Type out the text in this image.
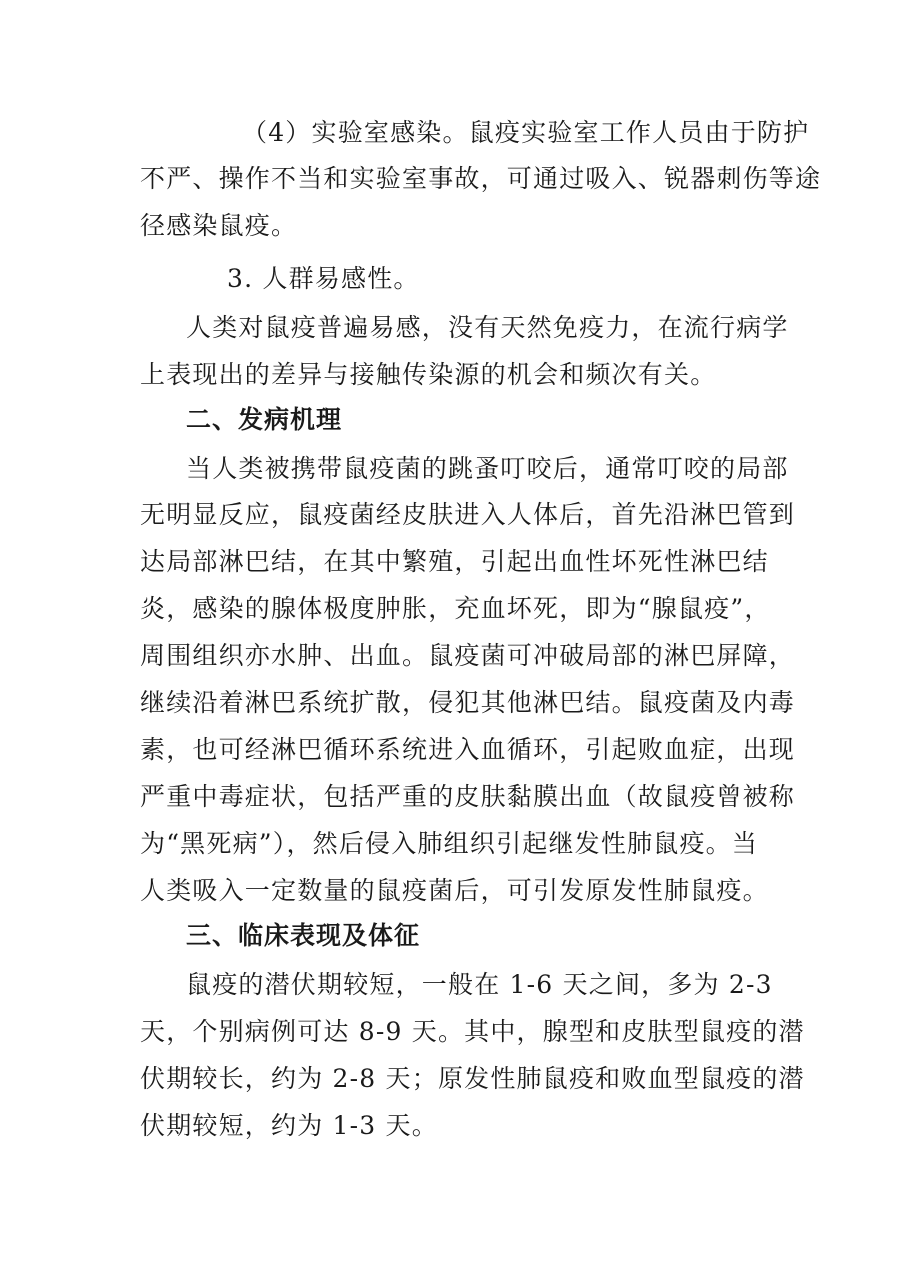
（4）实验室感染。鼠疫实验室工作人员由于防护
不严、操作不当和实验室事故，可通过吸入、锐器刺伤等途
径感染鼠疫。
3. 人群易感性。
人类对鼠疫普遍易感，没有天然免疫力，在流行病学
上表现出的差异与接触传染源的机会和频次有关。
二、发病机理
当人类被携带鼠疫菌的跳蚤叮咬后，通常叮咬的局部
无明显反应，鼠疫菌经皮肤进入人体后，首先沿淋巴管到
达局部淋巴结，在其中繁殖，引起出血性坏死性淋巴结
炎，感染的腺体极度肿胀，充血坏死，即为“腺鼠疫”，
周围组织亦水肿、出血。鼠疫菌可冲破局部的淋巴屏障，
继续沿着淋巴系统扩散，侵犯其他淋巴结。鼠疫菌及内毒
素，也可经淋巴循环系统进入血循环，引起败血症，出现
严重中毒症状，包括严重的皮肤黏膜出血（故鼠疫曾被称
为“黑死病”），然后侵入肺组织引起继发性肺鼠疫。当
人类吸入一定数量的鼠疫菌后，可引发原发性肺鼠疫。
三、临床表现及体征
鼠疫的潜伏期较短，一般在 1-6 天之间，多为 2-3
天，个别病例可达 8-9 天。其中，腺型和皮肤型鼠疫的潜
伏期较长，约为 2-8 天；原发性肺鼠疫和败血型鼠疫的潜
伏期较短，约为 1-3 天。
